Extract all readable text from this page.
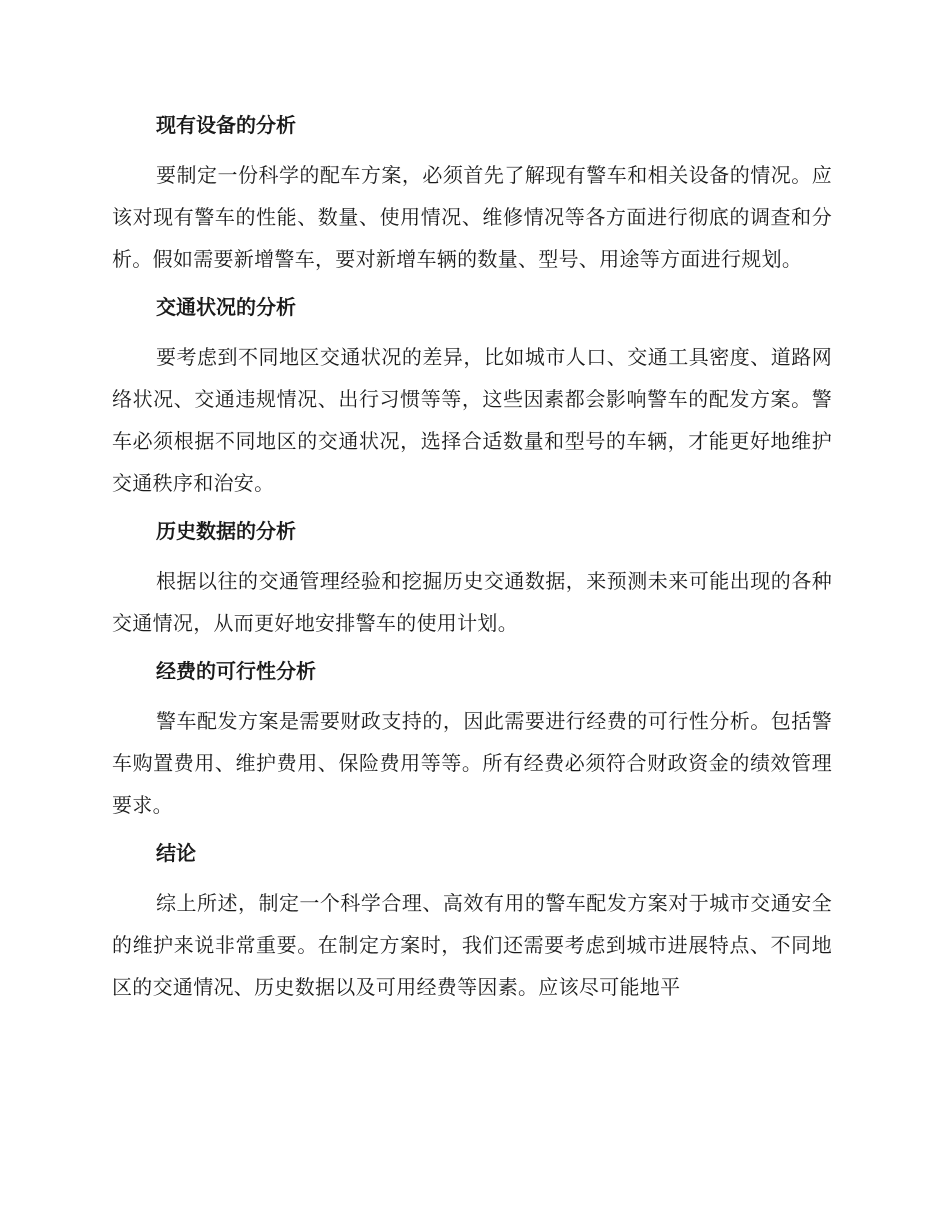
现有设备的分析

要制定一份科学的配车方案，必须首先了解现有警车和相关设备的情况。应该对现有警车的性能、数量、使用情况、维修情况等各方面进行彻底的调查和分析。假如需要新增警车，要对新增车辆的数量、型号、用途等方面进行规划。

交通状况的分析

要考虑到不同地区交通状况的差异，比如城市人口、交通工具密度、道路网络状况、交通违规情况、出行习惯等等，这些因素都会影响警车的配发方案。警车必须根据不同地区的交通状况，选择合适数量和型号的车辆，才能更好地维护交通秩序和治安。

历史数据的分析

根据以往的交通管理经验和挖掘历史交通数据，来预测未来可能出现的各种交通情况，从而更好地安排警车的使用计划。

经费的可行性分析

警车配发方案是需要财政支持的，因此需要进行经费的可行性分析。包括警车购置费用、维护费用、保险费用等等。所有经费必须符合财政资金的绩效管理要求。

结论

综上所述，制定一个科学合理、高效有用的警车配发方案对于城市交通安全的维护来说非常重要。在制定方案时，我们还需要考虑到城市进展特点、不同地区的交通情况、历史数据以及可用经费等因素。应该尽可能地平
